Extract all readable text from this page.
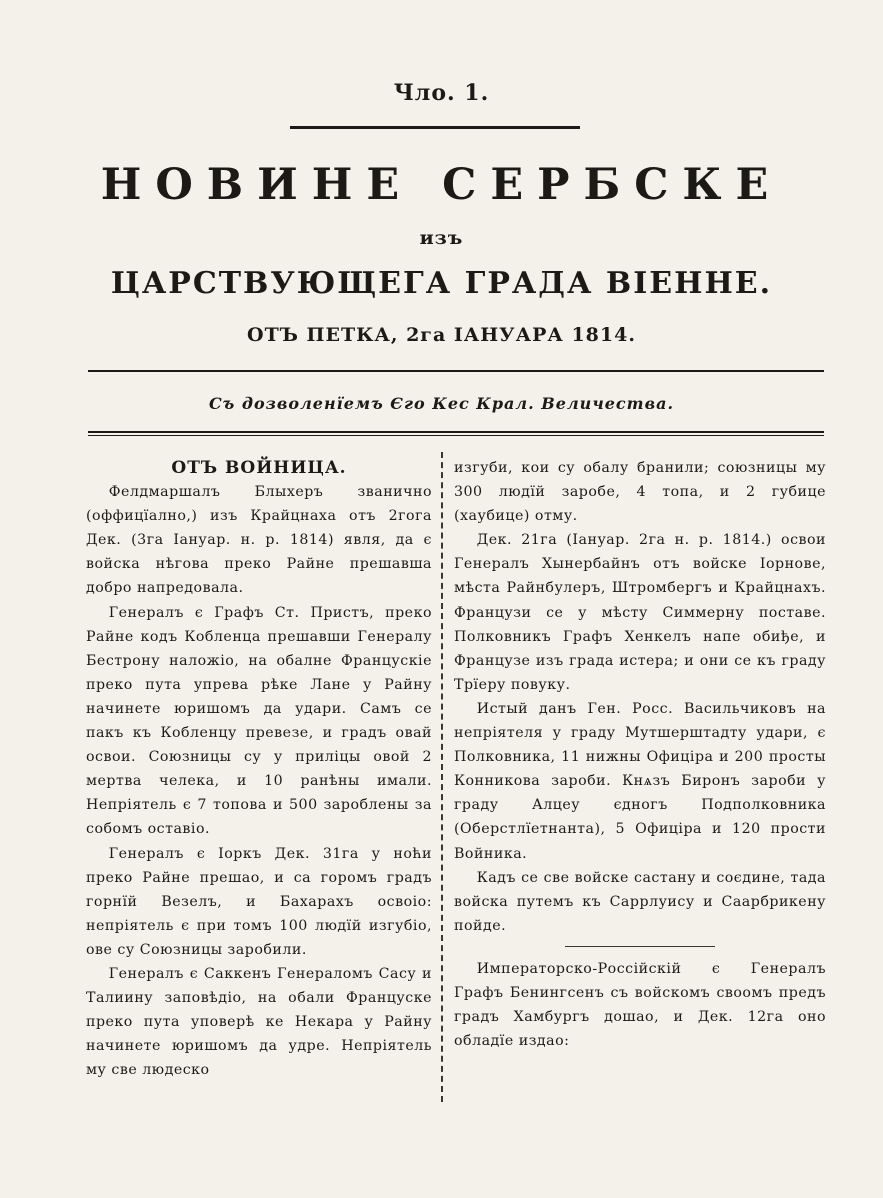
Чло. 1.
НОВИНЕ СЕРБСКЕ
изъ
ЦАРСТВУЮЩЕГА ГРАДА ВІЕННЕ.
ОТЪ ПЕТКА, 2га ІАНУАРА 1814.
Съ дозволенїемъ Єго Кес Крал. Величества.

ОТЪ ВОЙНИЦА.

Фелдмаршалъ Блыхеръ званично (оффицїално,) изъ Крайцнаха отъ 2гога Дек. (3га Іануар. н. р. 1814) явля, да є войска нѣгова преко Райне прешавша добро напредовала.

Генералъ є Графъ Ст. Пристъ, преко Райне кодъ Кобленца прешавши Генералу Бестрону наложіо, на обалне Францускіе преко пута упрева рѣке Лане у Райну начинете юришомъ да удари. Самъ се пакъ къ Кобленцу превезе, и градъ овай освои. Союзницы су у приліцы овой 2 мертва челека, и 10 ранѣны имали. Непріятель є 7 топова и 500 зароблены за собомъ оставіо.

Генералъ є Іоркъ Дек. 31га у ноћи преко Райне прешао, и са горомъ градъ горнїй Везелъ, и Бахарахъ освоіо: непріятель є при томъ 100 людїй изгубіо, ове су Союзницы заробили.

Генералъ є Саккенъ Генераломъ Сасу и Талиину заповѣдіо, на обали Француске преко пута уповерѣ ке Некара у Райну начинете юришомъ да удре. Непріятель му све людеско

изгуби, кои су обалу бранили; союзницы му 300 людїй заробе, 4 топа, и 2 губице (хаубице) отму.

Дек. 21га (Іануар. 2га н. р. 1814.) освои Генералъ Хынербайнъ отъ войске Іорнове, мѣста Райнбулеръ, Штромбергъ и Крайцнахъ. Французи се у мѣсту Симмерну поставе. Полковникъ Графъ Хенкелъ напе обиђе, и Французе изъ града истера; и они се къ граду Трїеру повуку.

Истый данъ Ген. Росс. Васильчиковъ на непріятеля у граду Мутшерштадту удари, є Полковника, 11 нижны Офиціра и 200 просты Конникова зароби. Кнѧзъ Биронъ зароби у граду Алцеу єдногъ Подполковника (Оберстлїетнанта), 5 Офиціра и 120 прости Войника.

Кадъ се све войске састану и соєдине, тада войска путемъ къ Саррлуису и Саарбрикену пойде.

Императорско-Россійскій є Генералъ Графъ Бенингсенъ съ войскомъ своомъ предъ градъ Хамбургъ дошао, и Дек. 12га оно обладїе издао:
